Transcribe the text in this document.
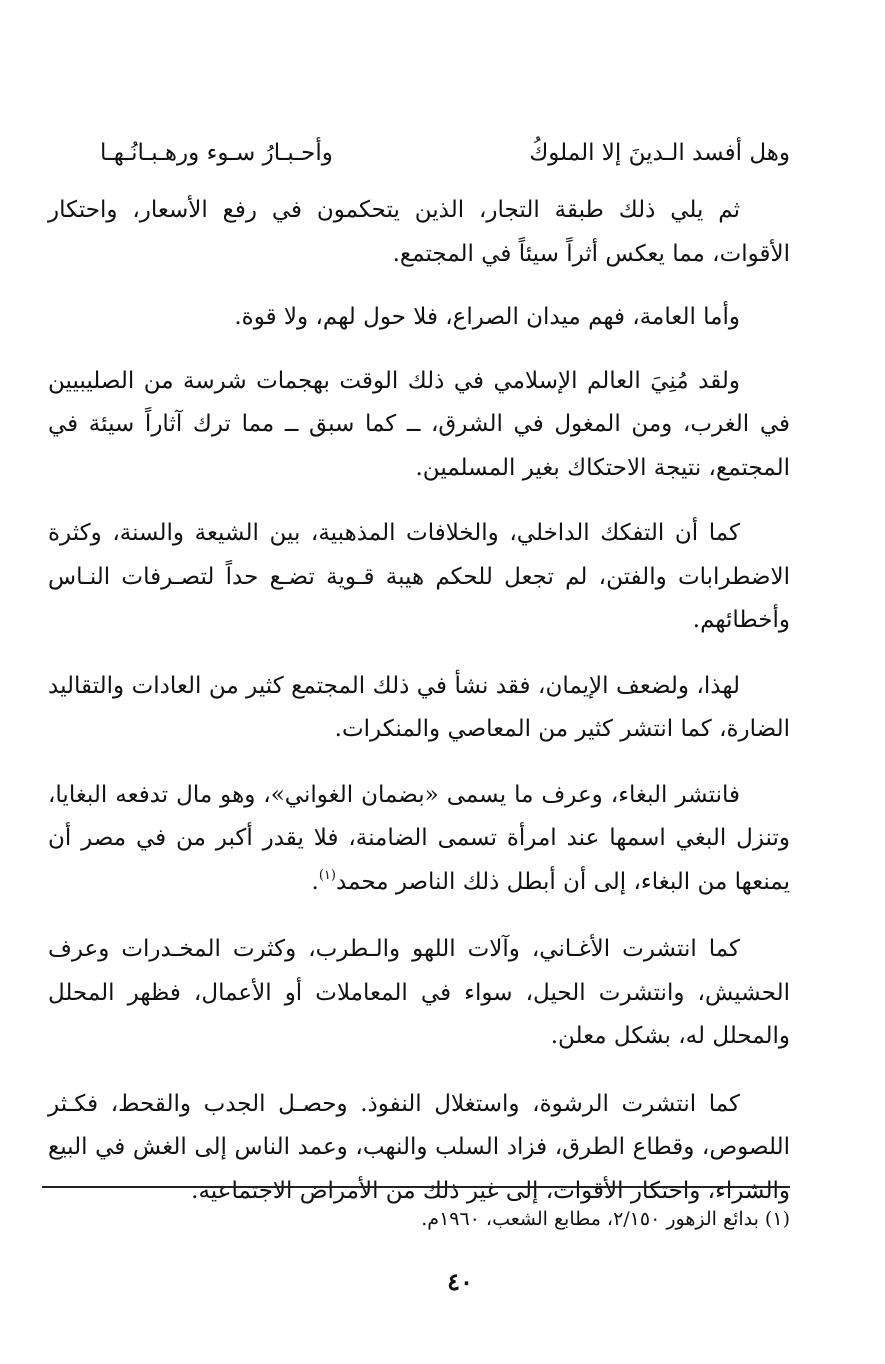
وهل أفسد الـدينَ إلا الملوكُ
وأحـبـارُ سـوء ورهـبـانُـهـا

ثم يلي ذلك طبقة التجار، الذين يتحكمون في رفع الأسعار، واحتكار الأقوات، مما يعكس أثراً سيئاً في المجتمع.

وأما العامة، فهم ميدان الصراع، فلا حول لهم، ولا قوة.

ولقد مُنِيَ العالم الإسلامي في ذلك الوقت بهجمات شرسة من الصليبيين في الغرب، ومن المغول في الشرق، ــ كما سبق ــ مما ترك آثاراً سيئة في المجتمع، نتيجة الاحتكاك بغير المسلمين.

كما أن التفكك الداخلي، والخلافات المذهبية، بين الشيعة والسنة، وكثرة الاضطرابات والفتن، لم تجعل للحكم هيبة قـوية تضـع حداً لتصـرفات النـاس وأخطائهم.

لهذا، ولضعف الإيمان، فقد نشأ في ذلك المجتمع كثير من العادات والتقاليد الضارة، كما انتشر كثير من المعاصي والمنكرات.

فانتشر البغاء، وعرف ما يسمى «بضمان الغواني»، وهو مال تدفعه البغايا، وتنزل البغي اسمها عند امرأة تسمى الضامنة، فلا يقدر أكبر من في مصر أن يمنعها من البغاء، إلى أن أبطل ذلك الناصر محمد$^{(١)}$.

كما انتشرت الأغـاني، وآلات اللهو والـطرب، وكثرت المخـدرات وعرف الحشيش، وانتشرت الحيل، سواء في المعاملات أو الأعمال، فظهر المحلل والمحلل له، بشكل معلن.

كما انتشرت الرشوة، واستغلال النفوذ. وحصـل الجدب والقحط، فكـثر اللصوص، وقطاع الطرق، فزاد السلب والنهب، وعمد الناس إلى الغش في البيع والشراء، واحتكار الأقوات، إلى غير ذلك من الأمراض الاجتماعية.

(١) بدائع الزهور ٢/١٥٠، مطابع الشعب، ١٩٦٠م.
٤٠
